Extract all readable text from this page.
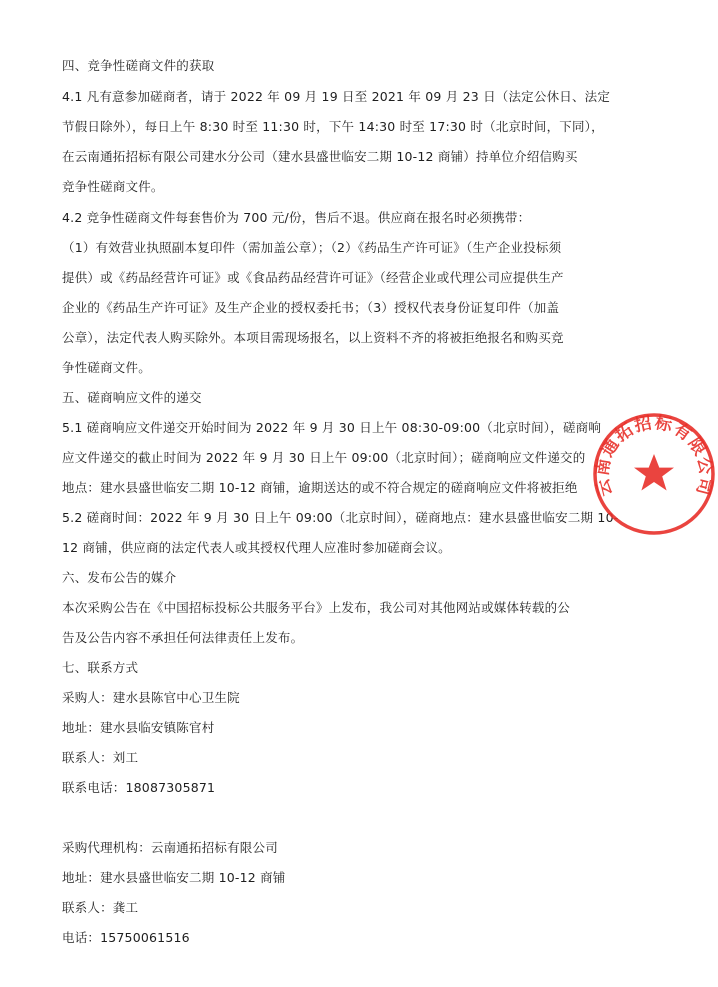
四、竞争性磋商文件的获取
4.1 凡有意参加磋商者，请于 2022 年 09 月 19 日至 2021 年 09 月 23 日（法定公休日、法定
节假日除外），每日上午 8:30 时至 11:30 时，下午 14:30 时至 17:30 时（北京时间，下同），
在云南通拓招标有限公司建水分公司（建水县盛世临安二期 10-12 商铺）持单位介绍信购买
竞争性磋商文件。
4.2 竞争性磋商文件每套售价为 700 元/份，售后不退。供应商在报名时必须携带：
（1）有效营业执照副本复印件（需加盖公章）；（2）《药品生产许可证》（生产企业投标须
提供）或《药品经营许可证》或《食品药品经营许可证》（经营企业或代理公司应提供生产
企业的《药品生产许可证》及生产企业的授权委托书；（3）授权代表身份证复印件（加盖
公章），法定代表人购买除外。本项目需现场报名，以上资料不齐的将被拒绝报名和购买竞
争性磋商文件。
五、磋商响应文件的递交
5.1 磋商响应文件递交开始时间为 2022 年 9 月 30 日上午 08:30-09:00（北京时间），磋商响
应文件递交的截止时间为 2022 年 9 月 30 日上午 09:00（北京时间）；磋商响应文件递交的
地点：建水县盛世临安二期 10-12 商铺，逾期送达的或不符合规定的磋商响应文件将被拒绝
5.2 磋商时间：2022 年 9 月 30 日上午 09:00（北京时间），磋商地点：建水县盛世临安二期 10-
12 商铺，供应商的法定代表人或其授权代理人应准时参加磋商会议。
六、发布公告的媒介
本次采购公告在《中国招标投标公共服务平台》上发布，我公司对其他网站或媒体转载的公
告及公告内容不承担任何法律责任上发布。
七、联系方式
采购人：建水县陈官中心卫生院
地址：建水县临安镇陈官村
联系人：刘工
联系电话：18087305871
采购代理机构：云南通拓招标有限公司
地址：建水县盛世临安二期 10-12 商铺
联系人：龚工
电话：15750061516
云南通拓招标有限公司
